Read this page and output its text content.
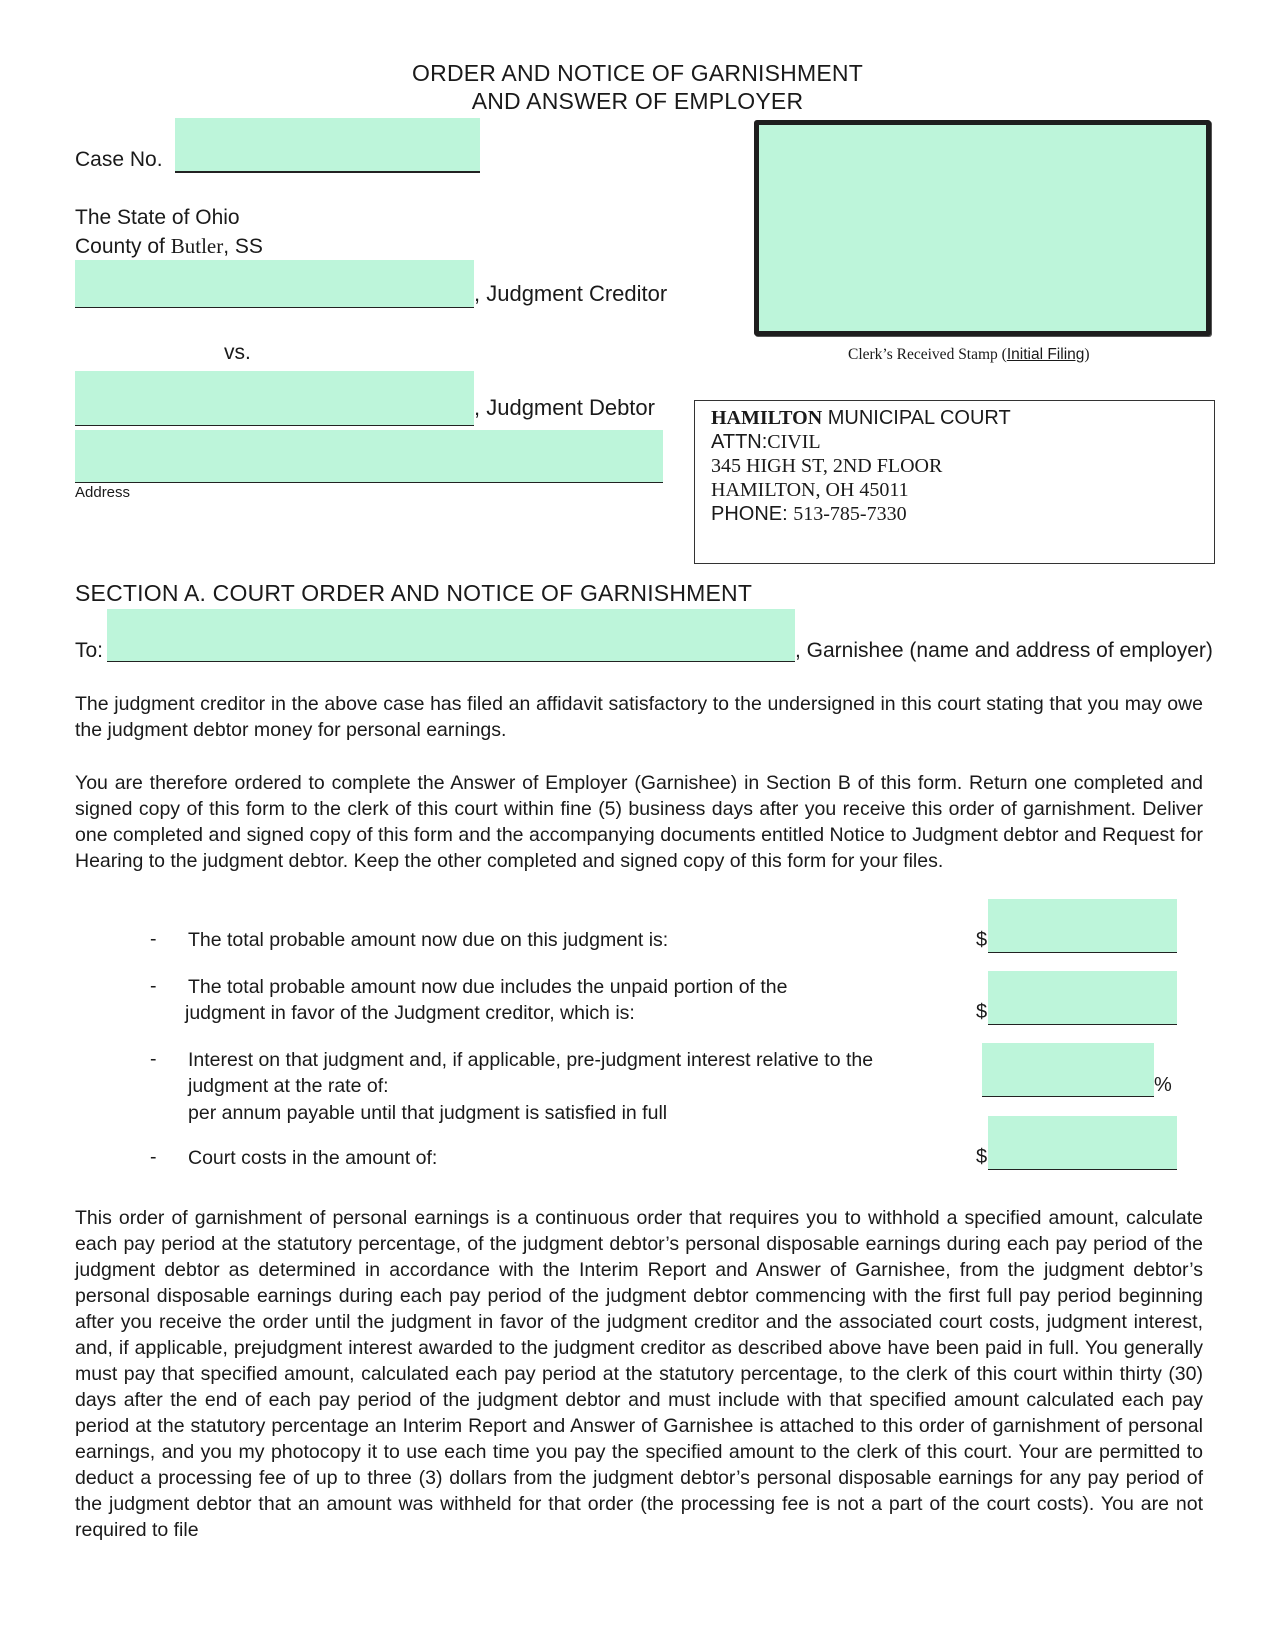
ORDER AND NOTICE OF GARNISHMENT
AND ANSWER OF EMPLOYER
Case No.
The State of Ohio
County of Butler, SS
, Judgment Creditor
vs.
, Judgment Debtor
Address
Clerk’s Received Stamp (Initial Filing)
HAMILTON MUNICIPAL COURT
ATTN:CIVIL
345 HIGH ST, 2ND FLOOR
HAMILTON, OH 45011
PHONE: 513-785-7330
SECTION A. COURT ORDER AND NOTICE OF GARNISHMENT
To:	, Garnishee (name and address of employer)
The judgment creditor in the above case has filed an affidavit satisfactory to the undersigned in this court stating that you may owe the judgment debtor money for personal earnings.
You are therefore ordered to complete the Answer of Employer (Garnishee) in Section B of this form. Return one completed and signed copy of this form to the clerk of this court within fine (5) business days after you receive this order of garnishment. Deliver one completed and signed copy of this form and the accompanying documents entitled Notice to Judgment debtor and Request for Hearing to the judgment debtor. Keep the other completed and signed copy of this form for your files.
- The total probable amount now due on this judgment is:	$
- The total probable amount now due includes the unpaid portion of the
judgment in favor of the Judgment creditor, which is:	$
- Interest on that judgment and, if applicable, pre-judgment interest relative to the
judgment at the rate of:
per annum payable until that judgment is satisfied in full
%
- Court costs in the amount of:	$
This order of garnishment of personal earnings is a continuous order that requires you to withhold a specified amount, calculate each pay period at the statutory percentage, of the judgment debtor’s personal disposable earnings during each pay period of the judgment debtor as determined in accordance with the Interim Report and Answer of Garnishee, from the judgment debtor’s personal disposable earnings during each pay period of the judgment debtor commencing with the first full pay period beginning after you receive the order until the judgment in favor of the judgment creditor and the associated court costs, judgment interest, and, if applicable, prejudgment interest awarded to the judgment creditor as described above have been paid in full. You generally must pay that specified amount, calculated each pay period at the statutory percentage, to the clerk of this court within thirty (30) days after the end of each pay period of the judgment debtor and must include with that specified amount calculated each pay period at the statutory percentage an Interim Report and Answer of Garnishee is attached to this order of garnishment of personal earnings, and you my photocopy it to use each time you pay the specified amount to the clerk of this court. Your are permitted to deduct a processing fee of up to three (3) dollars from the judgment debtor’s personal disposable earnings for any pay period of the judgment debtor that an amount was withheld for that order (the processing fee is not a part of the court costs). You are not required to file
